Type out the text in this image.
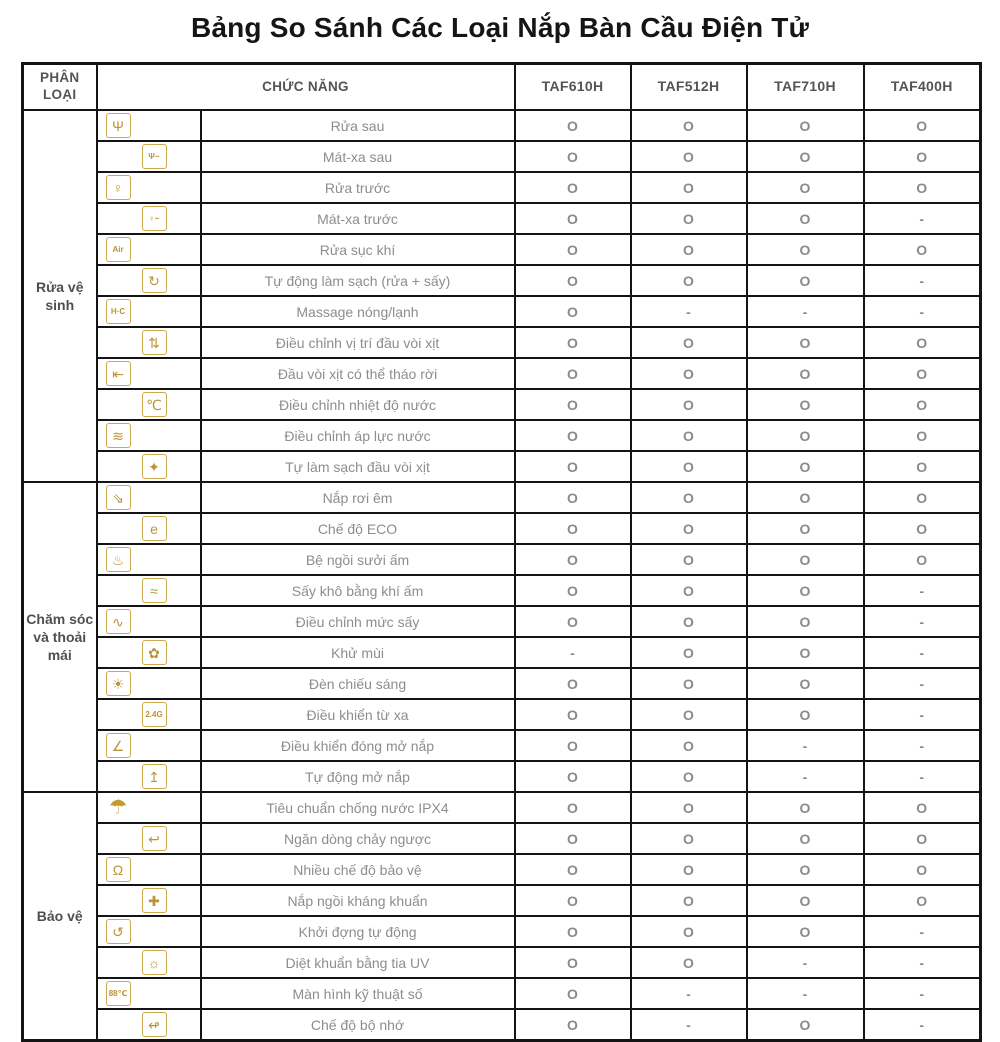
Bảng So Sánh Các Loại Nắp Bàn Cầu Điện Tử
PHÂN LOẠI	CHỨC NĂNG		TAF610H	TAF512H	TAF710H	TAF400H
Rửa vệ sinh	Ψ	Rửa sau	O	O	O	O

Ψ~	Mát-xa sau	O	O	O	O

♀	Rửa trước	O	O	O	O

♀~	Mát-xa trước	O	O	O	-

Air	Rửa sục khí	O	O	O	O

↻	Tự động làm sạch (rửa + sấy)	O	O	O	-

H·C	Massage nóng/lạnh	O	-	-	-

⇅	Điều chỉnh vị trí đầu vòi xịt	O	O	O	O

⇤	Đầu vòi xịt có thể tháo rời	O	O	O	O

℃	Điều chỉnh nhiệt độ nước	O	O	O	O

≋	Điều chỉnh áp lực nước	O	O	O	O

✦	Tự làm sạch đầu vòi xịt	O	O	O	O
Chăm sóc và thoải mái	⇘	Nắp rơi êm	O	O	O	O

e	Chế độ ECO	O	O	O	O

♨	Bệ ngồi sưởi ấm	O	O	O	O

≈	Sấy khô bằng khí ấm	O	O	O	-

∿	Điều chỉnh mức sấy	O	O	O	-

✿	Khử mùi	-	O	O	-

☀	Đèn chiếu sáng	O	O	O	-

2.4G	Điều khiển từ xa	O	O	O	-

∠	Điều khiển đóng mở nắp	O	O	-	-

↥	Tự động mở nắp	O	O	-	-
Bảo vệ	☂	Tiêu chuẩn chống nước IPX4	O	O	O	O

↩	Ngăn dòng chảy ngược	O	O	O	O

Ω	Nhiều chế độ bảo vệ	O	O	O	O

✚	Nắp ngồi kháng khuẩn	O	O	O	O

↺	Khởi đợng tự động	O	O	O	-

☼	Diệt khuẩn bằng tia UV	O	O	-	-

88℃	Màn hình kỹ thuật số	O	-	-	-

↫	Chế độ bộ nhớ	O	-	O	-
